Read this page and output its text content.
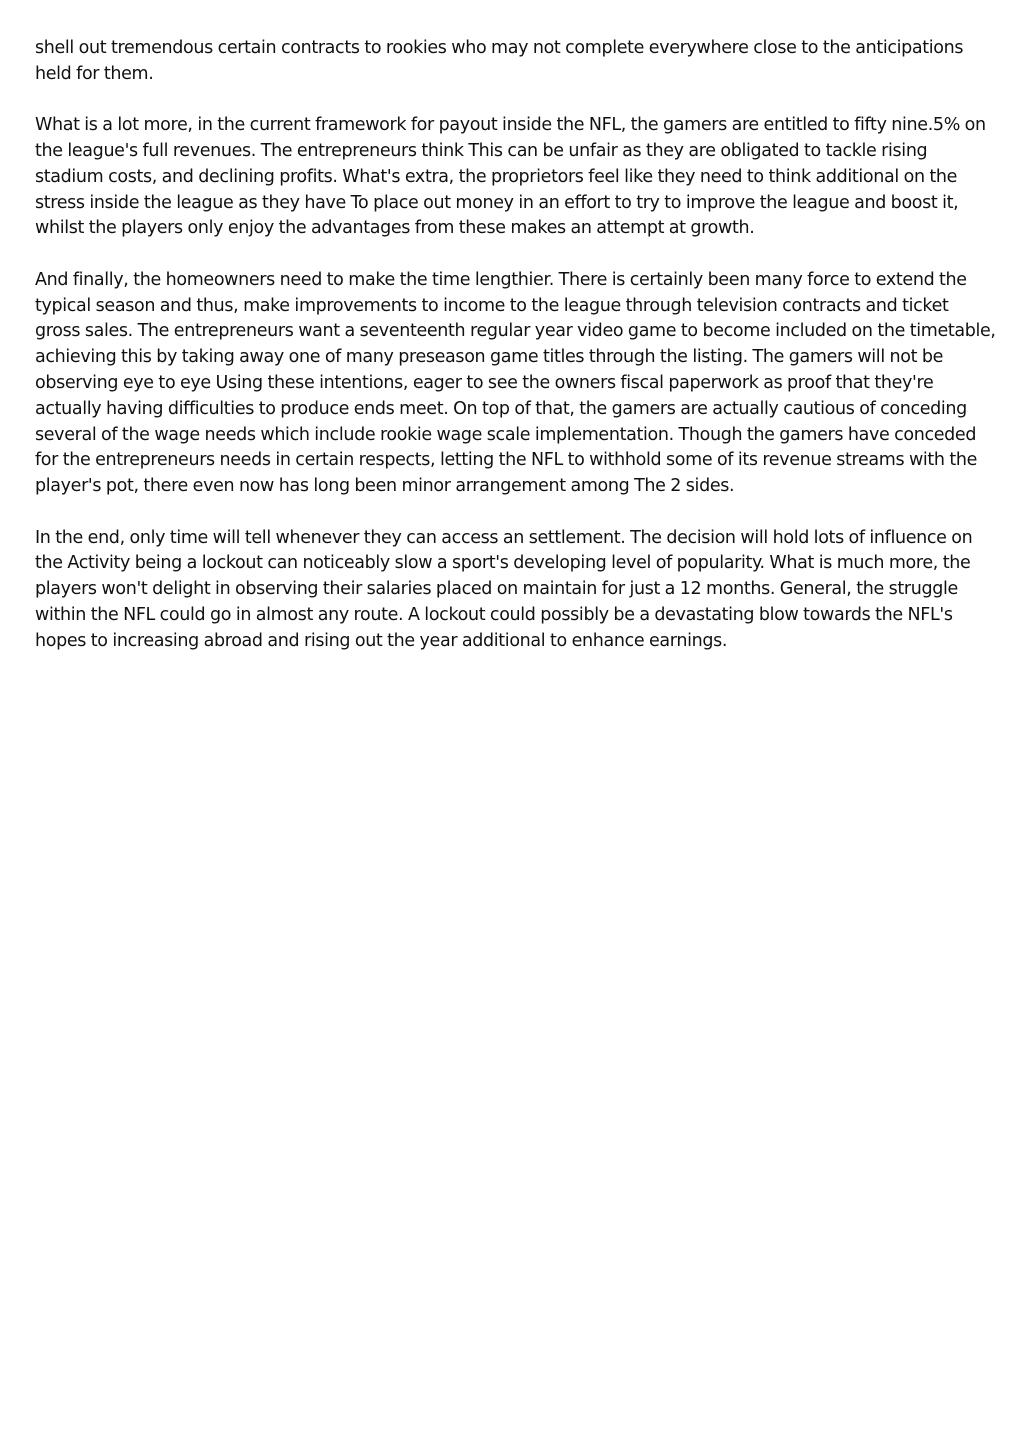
shell out tremendous certain contracts to rookies who may not complete everywhere close to the anticipations held for them.

What is a lot more, in the current framework for payout inside the NFL, the gamers are entitled to fifty nine.5% on the league's full revenues. The entrepreneurs think This can be unfair as they are obligated to tackle rising stadium costs, and declining profits. What's extra, the proprietors feel like they need to think additional on the stress inside the league as they have To place out money in an effort to try to improve the league and boost it, whilst the players only enjoy the advantages from these makes an attempt at growth.

And finally, the homeowners need to make the time lengthier. There is certainly been many force to extend the typical season and thus, make improvements to income to the league through television contracts and ticket gross sales. The entrepreneurs want a seventeenth regular year video game to become included on the timetable, achieving this by taking away one of many preseason game titles through the listing. The gamers will not be observing eye to eye Using these intentions, eager to see the owners fiscal paperwork as proof that they're actually having difficulties to produce ends meet. On top of that, the gamers are actually cautious of conceding several of the wage needs which include rookie wage scale implementation. Though the gamers have conceded for the entrepreneurs needs in certain respects, letting the NFL to withhold some of its revenue streams with the player's pot, there even now has long been minor arrangement among The 2 sides.

In the end, only time will tell whenever they can access an settlement. The decision will hold lots of influence on the Activity being a lockout can noticeably slow a sport's developing level of popularity. What is much more, the players won't delight in observing their salaries placed on maintain for just a 12 months. General, the struggle within the NFL could go in almost any route. A lockout could possibly be a devastating blow towards the NFL's hopes to increasing abroad and rising out the year additional to enhance earnings.
